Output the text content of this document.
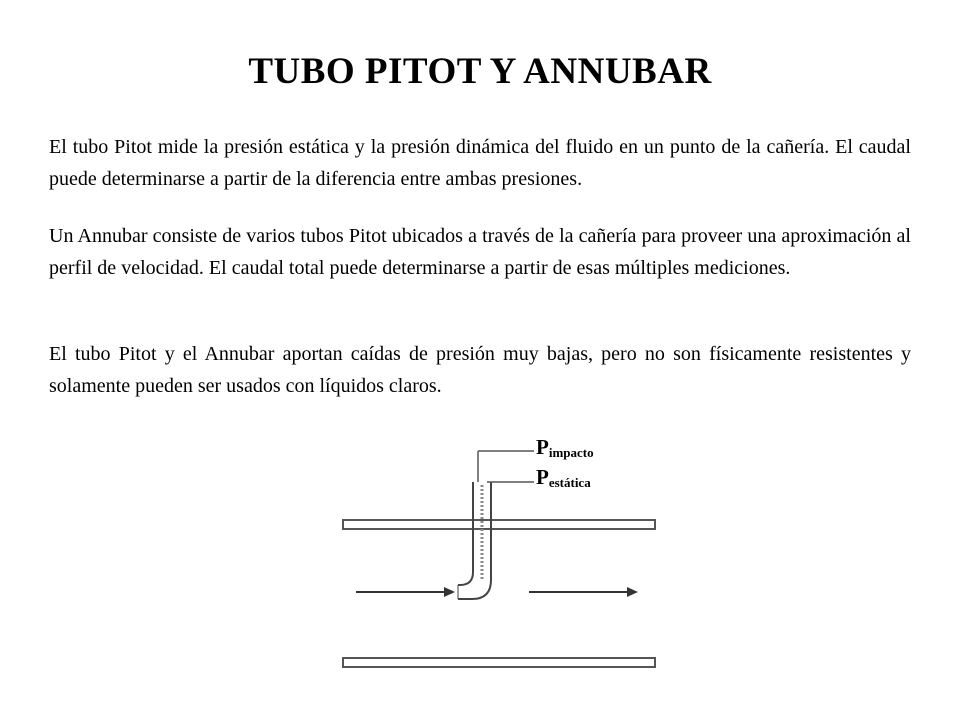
TUBO PITOT Y ANNUBAR

El tubo Pitot mide la presión estática y la presión dinámica del fluido en un punto de la cañería. El caudal puede determinarse a partir de la diferencia entre ambas presiones.

Un Annubar consiste de varios tubos Pitot ubicados a través de la cañería para proveer una aproximación al perfil de velocidad. El caudal total puede determinarse a partir de esas múltiples mediciones.

El tubo Pitot y el Annubar aportan caídas de presión muy bajas, pero no son físicamente resistentes y solamente pueden ser usados con líquidos claros.

$P_{impacto}$
$P_{estática}$
